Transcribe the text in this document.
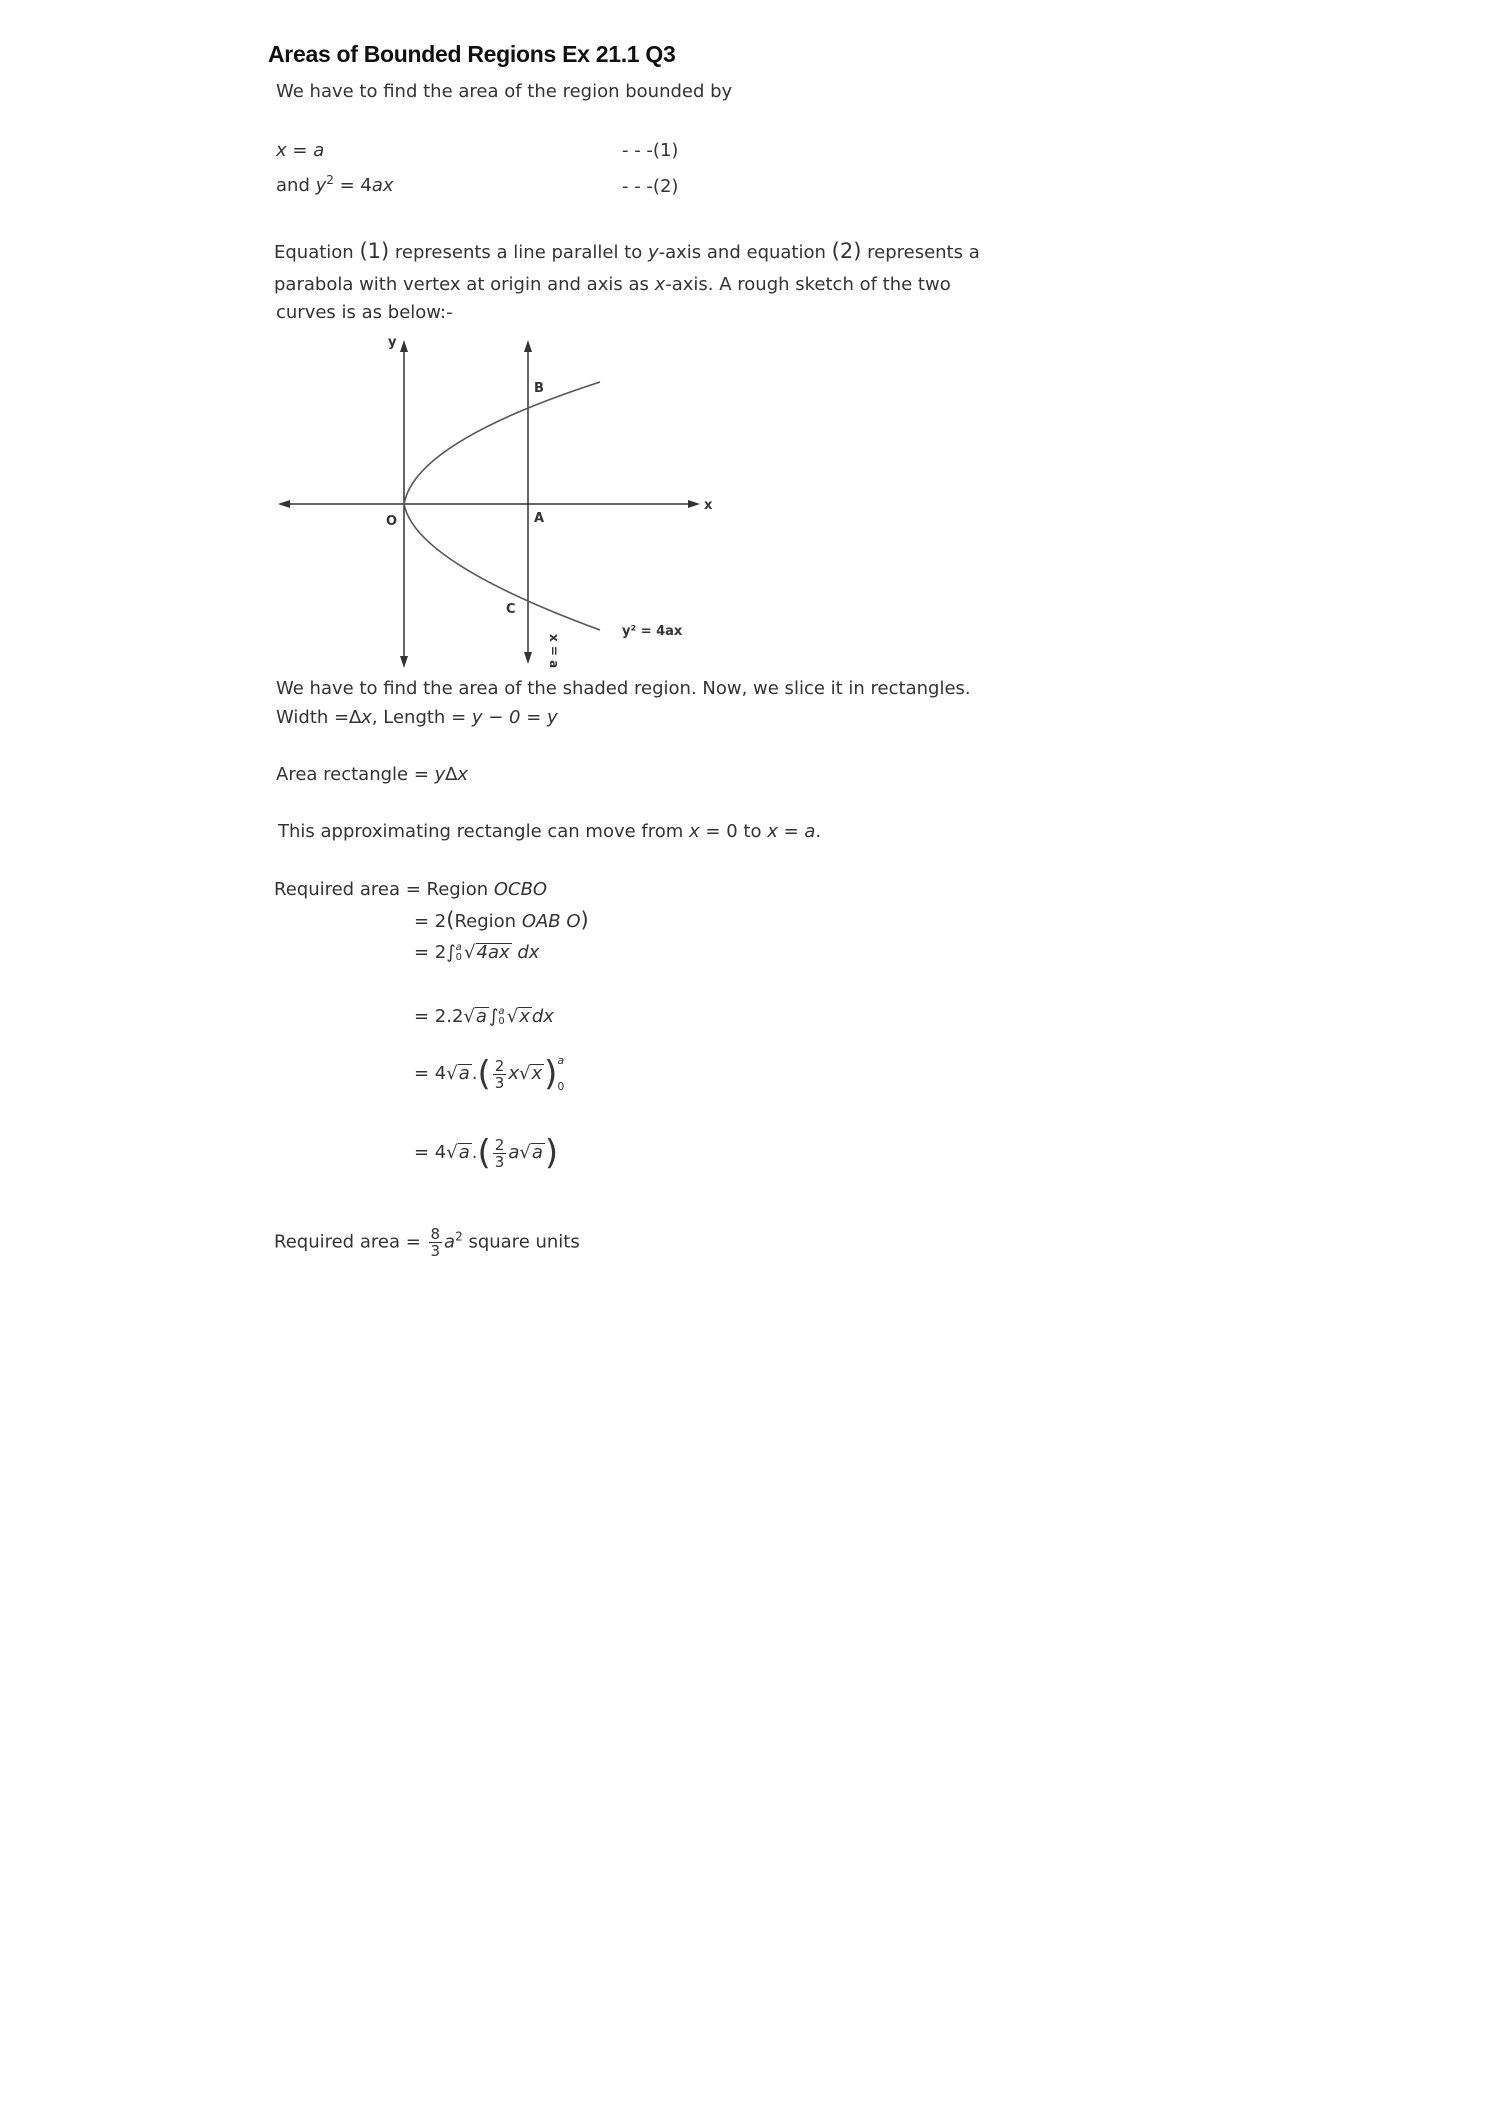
Areas of Bounded Regions Ex 21.1 Q3
We have to find the area of the region bounded by
x = a	- - -(1)
and $y^2 = 4ax$	- - -(2)
Equation (1) represents a line parallel to y-axis and equation (2) represents a
parabola with vertex at origin and axis as x-axis. A rough sketch of the two
curves is as below:-
y
x
O	A
B
C
y² = 4ax
x = a
We have to find the area of the shaded region. Now, we slice it in rectangles.
Width =∆x, Length = y − 0 = y
Area rectangle = y∆x
This approximating rectangle can move from x = 0 to x = a.
Required area = Region OCBO
= 2(Region OAB O)
= 2∫ a
0 √4ax dx
= 2.2√a ∫ a
0 √x dx
= 4√a .( $\frac{2}{3} x√x$) a
0
= 4√a .( $\frac{2}{3} a√a$)
Required area = $\frac{8}{3} a^2$ square units
